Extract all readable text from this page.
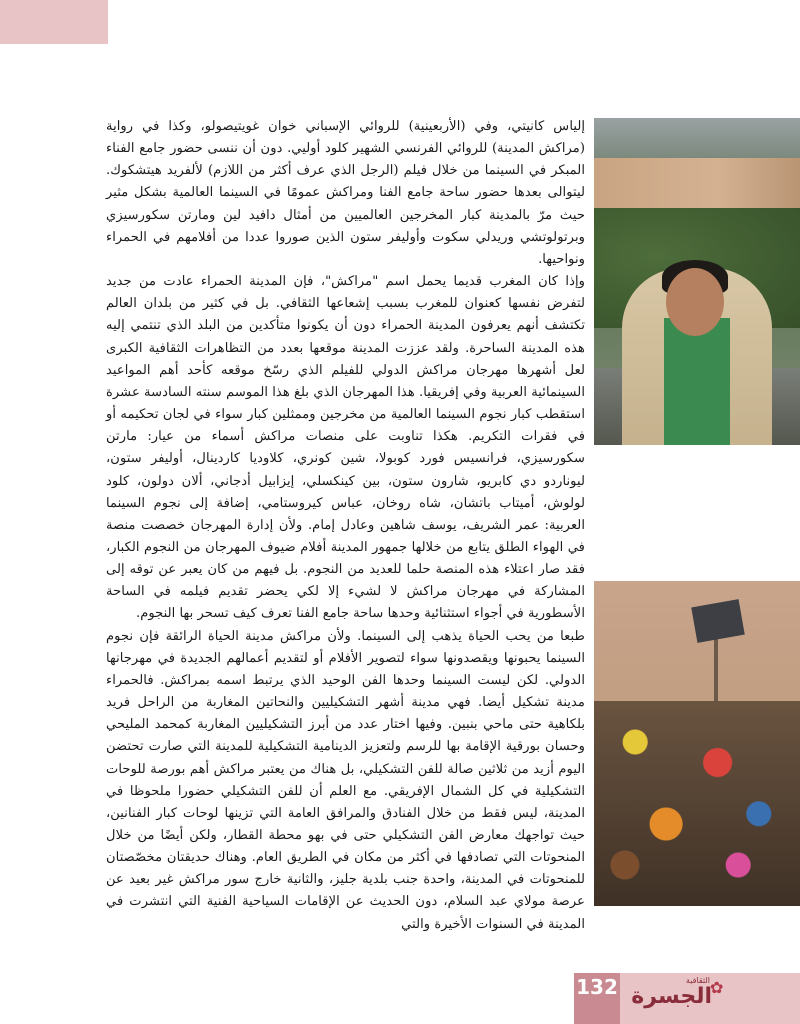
إلياس كانيتي، وفي (الأربعينية) للروائي الإسباني خوان غويتيصولو، وكذا في رواية (مراكش المدينة) للروائي الفرنسي الشهير كلود أوليي. دون أن ننسى حضور جامع الفناء المبكر في السينما من خلال فيلم (الرجل الذي عرف أكثر من اللازم) لألفريد هيتشكوك. ليتوالى بعدها حضور ساحة جامع الفنا ومراكش عمومًا في السينما العالمية بشكل مثير حيث مرّ بالمدينة كبار المخرجين العالميين من أمثال دافيد لين ومارتن سكورسيزي وبرتولوتشي وريدلي سكوت وأوليفر ستون الذين صوروا عددا من أفلامهم في الحمراء ونواحيها.

وإذا كان المغرب قديما يحمل اسم "مراكش"، فإن المدينة الحمراء عادت من جديد لتفرض نفسها كعنوان للمغرب بسبب إشعاعها الثقافي. بل في كثير من بلدان العالم تكتشف أنهم يعرفون المدينة الحمراء دون أن يكونوا متأكدين من البلد الذي تنتمي إليه هذه المدينة الساحرة. ولقد عززت المدينة موقعها بعدد من التظاهرات الثقافية الكبرى لعل أشهرها مهرجان مراكش الدولي للفيلم الذي رسّخ موقعه كأحد أهم المواعيد السينمائية العربية وفي إفريقيا. هذا المهرجان الذي بلغ هذا الموسم سنته السادسة عشرة استقطب كبار نجوم السينما العالمية من مخرجين وممثلين كبار سواء في لجان تحكيمه أو في فقرات التكريم. هكذا تناوبت على منصات مراكش أسماء من عيار: مارتن سكورسيزي، فرانسيس فورد كوبولا، شين كونري، كلاوديا كاردينال، أوليفر ستون، ليوناردو دي كابريو، شارون ستون، بين كينكسلي، إيزابيل أدجاني، ألان دولون، كلود لولوش، أميتاب باتشان، شاه روخان، عباس كيروستامي، إضافة إلى نجوم السينما العربية: عمر الشريف، يوسف شاهين وعادل إمام. ولأن إدارة المهرجان خصصت منصة في الهواء الطلق يتابع من خلالها جمهور المدينة أفلام ضيوف المهرجان من النجوم الكبار، فقد صار اعتلاء هذه المنصة حلما للعديد من النجوم. بل فيهم من كان يعبر عن توقه إلى المشاركة في مهرجان مراكش لا لشيء إلا لكي يحضر تقديم فيلمه في الساحة الأسطورية في أجواء استثنائية وحدها ساحة جامع الفنا تعرف كيف تسحر بها النجوم.

طبعا من يحب الحياة يذهب إلى السينما. ولأن مراكش مدينة الحياة الرائقة فإن نجوم السينما يحبونها ويقصدونها سواء لتصوير الأفلام أو لتقديم أعمالهم الجديدة في مهرجانها الدولي. لكن ليست السينما وحدها الفن الوحيد الذي يرتبط اسمه بمراكش. فالحمراء مدينة تشكيل أيضا. فهي مدينة أشهر التشكيليين والنحاتين المغاربة من الراحل فريد بلكاهية حتى ماحي بنبين. وفيها اختار عدد من أبرز التشكيليين المغاربة كمحمد المليحي وحسان بورقية الإقامة بها للرسم ولتعزيز الدينامية التشكيلية للمدينة التي صارت تحتضن اليوم أزيد من ثلاثين صالة للفن التشكيلي، بل هناك من يعتبر مراكش أهم بورصة للوحات التشكيلية في كل الشمال الإفريقي. مع العلم أن للفن التشكيلي حضورا ملحوظا في المدينة، ليس فقط من خلال الفنادق والمرافق العامة التي تزينها لوحات كبار الفنانين، حيث تواجهك معارض الفن التشكيلي حتى في بهو محطة القطار، ولكن أيضًا من خلال المنحوتات التي تصادفها في أكثر من مكان في الطريق العام. وهناك حديقتان مخصّصتان للمنحوتات في المدينة، واحدة جنب بلدية جليز، والثانية خارج سور مراكش غير بعيد عن عرصة مولاي عبد السلام، دون الحديث عن الإقامات السياحية الفنية التي انتشرت في المدينة في السنوات الأخيرة والتي

132	الثقافية
الجسرة
✿
